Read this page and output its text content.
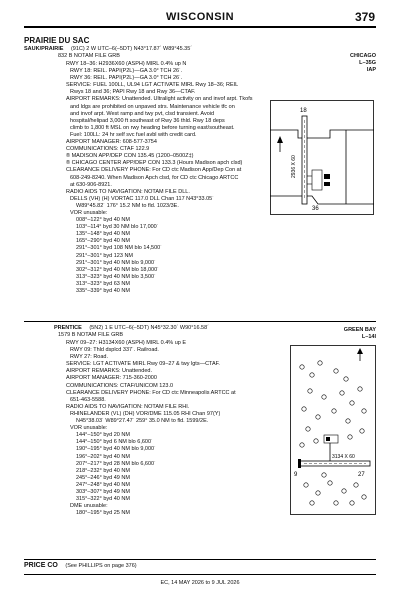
WISCONSIN	379
PRAIRIE DU SAC
SAUK/PRAIRIE (91C) 2 W UTC–6(–5DT) N43°17.87´ W89°45.35´
832 B NOTAM FILE GRB	CHICAGO
L–35G
IAP
RWY 18–36: H2936X60 (ASPH) MIRL 0.4% up N
RWY 18: REIL. PAPI(P2L)—GA 3.0° TCH 26´.
RWY 36: REIL. PAPI(P2L)—GA 3.0° TCH 26´.
SERVICE: FUEL 100LL, UL94 LGT ACTIVATE MIRL Rwy 18–36; REIL
Rwys 18 and 36; PAPI Rwy 18 and Rwy 36—CTAF.
AIRPORT REMARKS: Unattended. Ultralight activity on and invof arpt. Tkofs
and ldgs are prohibited on unpaved strs. Maintenance vehicle tfc on
and invof arpt. West ramp and twy pvt, clsd transient. Avoid
hospital/helipad 3,000 ft southeast of Rwy 36 thld. Rwy 18 deps
climb to 1,800 ft MSL on rwy heading before turning east/southeast.
Fuel: 100LL: 24 hr self svc fuel avbl with credit card.
AIRPORT MANAGER: 608-577-3754
COMMUNICATIONS: CTAF 122.9
® MADISON APP/DEP CON 135.45 (1200–0500Z‡)
® CHICAGO CENTER APP/DEP CON 133.3 (Hours Madison apch clsd)
CLEARANCE DELIVERY PHONE: For CD ctc Madison App/Dep Con at
608-249-8240. When Madison Apch clsd, for CD ctc Chicago ARTCC
at 630-906-8921.
RADIO AIDS TO NAVIGATION: NOTAM FILE DLL.
DELLS (VH) (H) VORTAC 117.0 DLL Chan 117 N43°33.05´
W89°45.82´ 176° 15.2 NM to fld. 1023/3E.
VOR unusable:
008°–122° byd 40 NM
103°–114° byd 30 NM blo 17,000´
135°–148° byd 40 NM
165°–290° byd 40 NM
291°–301° byd 108 NM blo 14,500´
291°–301° byd 123 NM
291°–301° byd 40 NM blo 9,000´
302°–312° byd 40 NM blo 18,000´
313°–323° byd 40 NM blo 3,500´
313°–323° byd 63 NM
335°–339° byd 40 NM
18
36
2936 X 60
PRENTICE (5N2) 1 E UTC–6(–5DT) N45°32.30´ W90°16.58´
1579 B NOTAM FILE GRB
GREEN BAY
L–14I
RWY 09–27: H3134X60 (ASPH) MIRL 0.4% up E
RWY 09: Thld dsplcd 337´. Railroad.
RWY 27: Road.
SERVICE: LGT ACTIVATE MIRL Rwy 09–27 & twy lgts—CTAF.
AIRPORT REMARKS: Unattended.
AIRPORT MANAGER: 715-360-2000
COMMUNICATIONS: CTAF/UNICOM 123.0
CLEARANCE DELIVERY PHONE: For CD ctc Minneapolis ARTCC at
651-463-5588.
RADIO AIDS TO NAVIGATION: NOTAM FILE RHI.
RHINELANDER (VL) (DH) VOR/DME 115.05 RHI Chan 97(Y)
N45°38.03´ W89°27.47´ 259° 35.0 NM to fld. 1599/2E.
VOR unusable:
144°–150° byd 20 NM
144°–150° byd 6 NM blo 6,600´
190°–195° byd 40 NM blo 9,000´
196°–202° byd 40 NM
207°–217° byd 28 NM blo 6,600´
218°–232° byd 40 NM
245°–246° byd 49 NM
247°–248° byd 40 NM
303°–307° byd 49 NM
315°–322° byd 40 NM
DME unusable:
180°–195° byd 25 NM
9	27
3134 X 60
PRICE CO (See PHILLIPS on page 376)
EC, 14 MAY 2026 to 9 JUL 2026
